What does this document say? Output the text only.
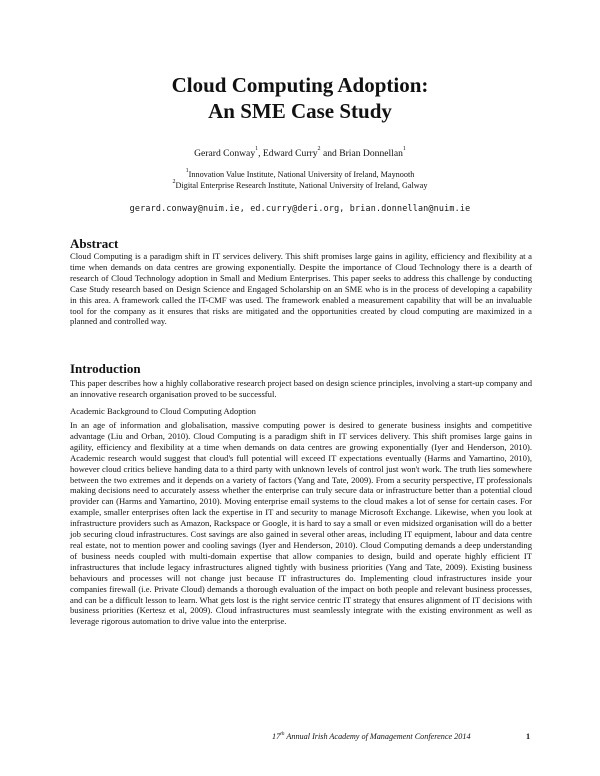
Cloud Computing Adoption:
An SME Case Study
Gerard Conway$^1$, Edward Curry$^2$ and Brian Donnellan$^1$
$^1$Innovation Value Institute, National University of Ireland, Maynooth
$^2$Digital Enterprise Research Institute, National University of Ireland, Galway
gerard.conway@nuim.ie, ed.curry@deri.org, brian.donnellan@nuim.ie
Abstract
Cloud Computing is a paradigm shift in IT services delivery. This shift promises large gains in agility, efficiency and flexibility at a time when demands on data centres are growing exponentially. Despite the importance of Cloud Technology there is a dearth of research of Cloud Technology adoption in Small and Medium Enterprises. This paper seeks to address this challenge by conducting Case Study research based on Design Science and Engaged Scholarship on an SME who is in the process of developing a capability in this area. A framework called the IT-CMF was used. The framework enabled a measurement capability that will be an invaluable tool for the company as it ensures that risks are mitigated and the opportunities created by cloud computing are maximized in a planned and controlled way.
Introduction
This paper describes how a highly collaborative research project based on design science principles, involving a start-up company and an innovative research organisation proved to be successful.
Academic Background to Cloud Computing Adoption
In an age of information and globalisation, massive computing power is desired to generate business insights and competitive advantage (Liu and Orban, 2010). Cloud Computing is a paradigm shift in IT services delivery. This shift promises large gains in agility, efficiency and flexibility at a time when demands on data centres are growing exponentially (Iyer and Henderson, 2010). Academic research would suggest that cloud's full potential will exceed IT expectations eventually (Harms and Yamartino, 2010), however cloud critics believe handing data to a third party with unknown levels of control just won't work. The truth lies somewhere between the two extremes and it depends on a variety of factors (Yang and Tate, 2009). From a security perspective, IT professionals making decisions need to accurately assess whether the enterprise can truly secure data or infrastructure better than a potential cloud provider can (Harms and Yamartino, 2010). Moving enterprise email systems to the cloud makes a lot of sense for certain cases. For example, smaller enterprises often lack the expertise in IT and security to manage Microsoft Exchange. Likewise, when you look at infrastructure providers such as Amazon, Rackspace or Google, it is hard to say a small or even midsized organisation will do a better job securing cloud infrastructures. Cost savings are also gained in several other areas, including IT equipment, labour and data centre real estate, not to mention power and cooling savings (Iyer and Henderson, 2010). Cloud Computing demands a deep understanding of business needs coupled with multi-domain expertise that allow companies to design, build and operate highly efficient IT infrastructures that include legacy infrastructures aligned tightly with business priorities (Yang and Tate, 2009). Existing business behaviours and processes will not change just because IT infrastructures do. Implementing cloud infrastructures inside your companies firewall (i.e. Private Cloud) demands a thorough evaluation of the impact on both people and relevant business processes, and can be a difficult lesson to learn. What gets lost is the right service centric IT strategy that ensures alignment of IT decisions with business priorities (Kertesz et al, 2009). Cloud infrastructures must seamlessly integrate with the existing environment as well as leverage rigorous automation to drive value into the enterprise.
17th Annual Irish Academy of Management Conference 2014	1
